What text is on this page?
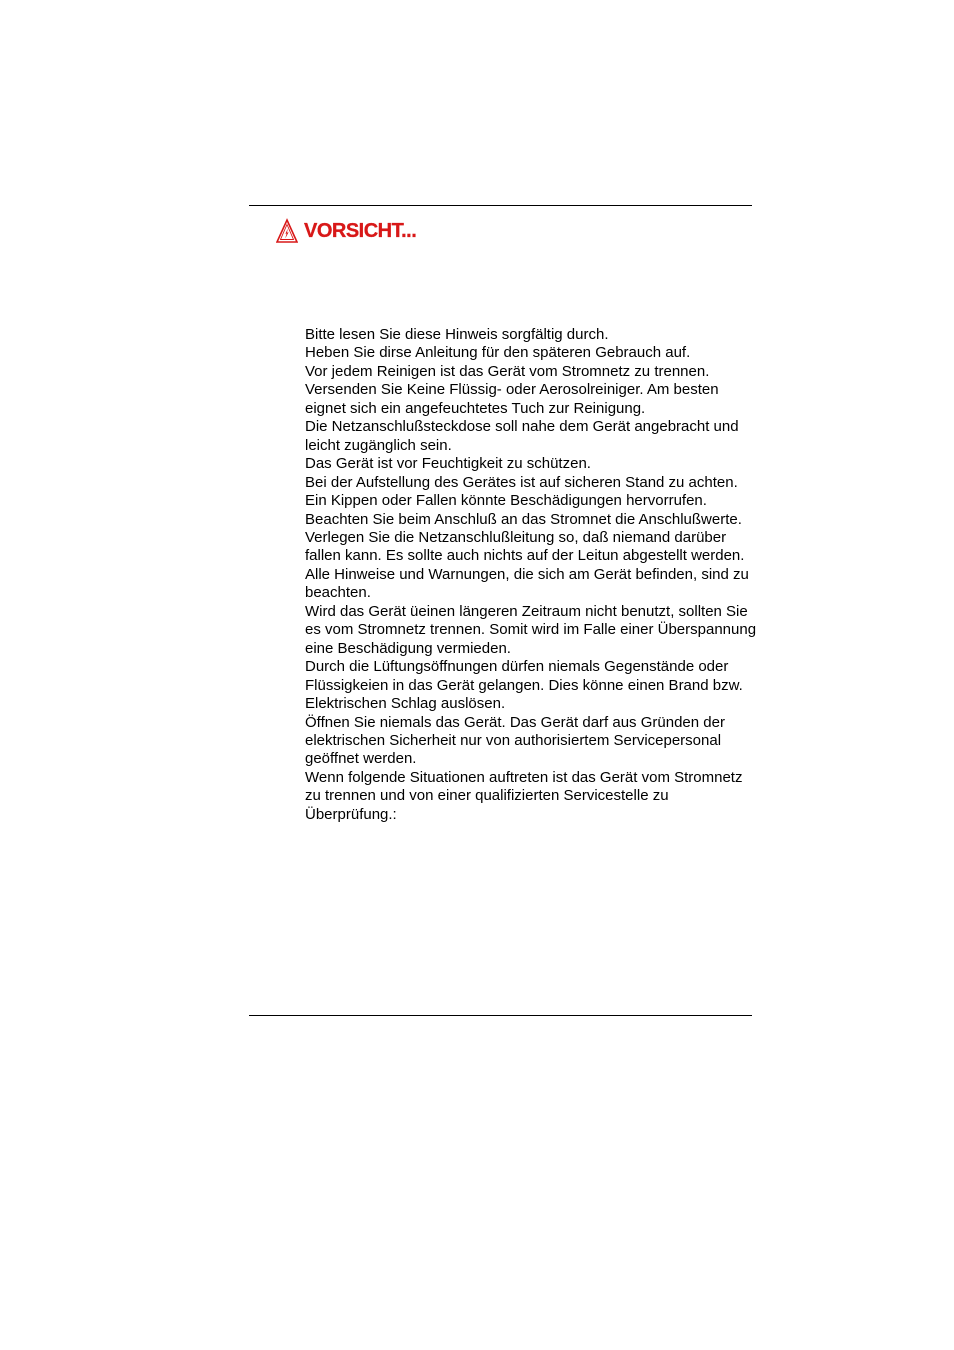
VORSICHT...
Bitte lesen Sie diese Hinweis sorgfältig durch.
Heben Sie dirse Anleitung für den späteren Gebrauch auf.
Vor jedem Reinigen ist das Gerät vom Stromnetz zu trennen.
Versenden Sie Keine Flüssig- oder Aerosolreiniger. Am besten eignet sich ein angefeuchtetes Tuch zur Reinigung.
Die Netzanschlußsteckdose soll nahe dem Gerät angebracht und leicht zugänglich sein.
Das Gerät ist vor Feuchtigkeit zu schützen.
Bei der Aufstellung des Gerätes ist auf sicheren Stand zu achten. Ein Kippen oder Fallen könnte Beschädigungen hervorrufen.
Beachten Sie beim Anschluß an das Stromnet die Anschlußwerte.
Verlegen Sie die Netzanschlußleitung so, daß niemand darüber fallen kann. Es sollte auch nichts auf der Leitun abgestellt werden.
Alle Hinweise und Warnungen, die sich am Gerät befinden, sind zu beachten.
Wird das Gerät üeinen längeren Zeitraum nicht benutzt, sollten Sie es vom Stromnetz trennen. Somit wird im Falle einer Überspannung eine Beschädigung vermieden.
Durch die Lüftungsöffnungen dürfen niemals Gegenstände oder Flüssigkeien in das Gerät gelangen. Dies könne einen Brand bzw. Elektrischen Schlag auslösen.
Öffnen Sie niemals das Gerät. Das Gerät darf aus Gründen der elektrischen Sicherheit nur von authorisiertem Servicepersonal geöffnet werden.
Wenn folgende Situationen auftreten ist das Gerät vom Stromnetz zu trennen und von einer qualifizierten Servicestelle zu Überprüfung.:
